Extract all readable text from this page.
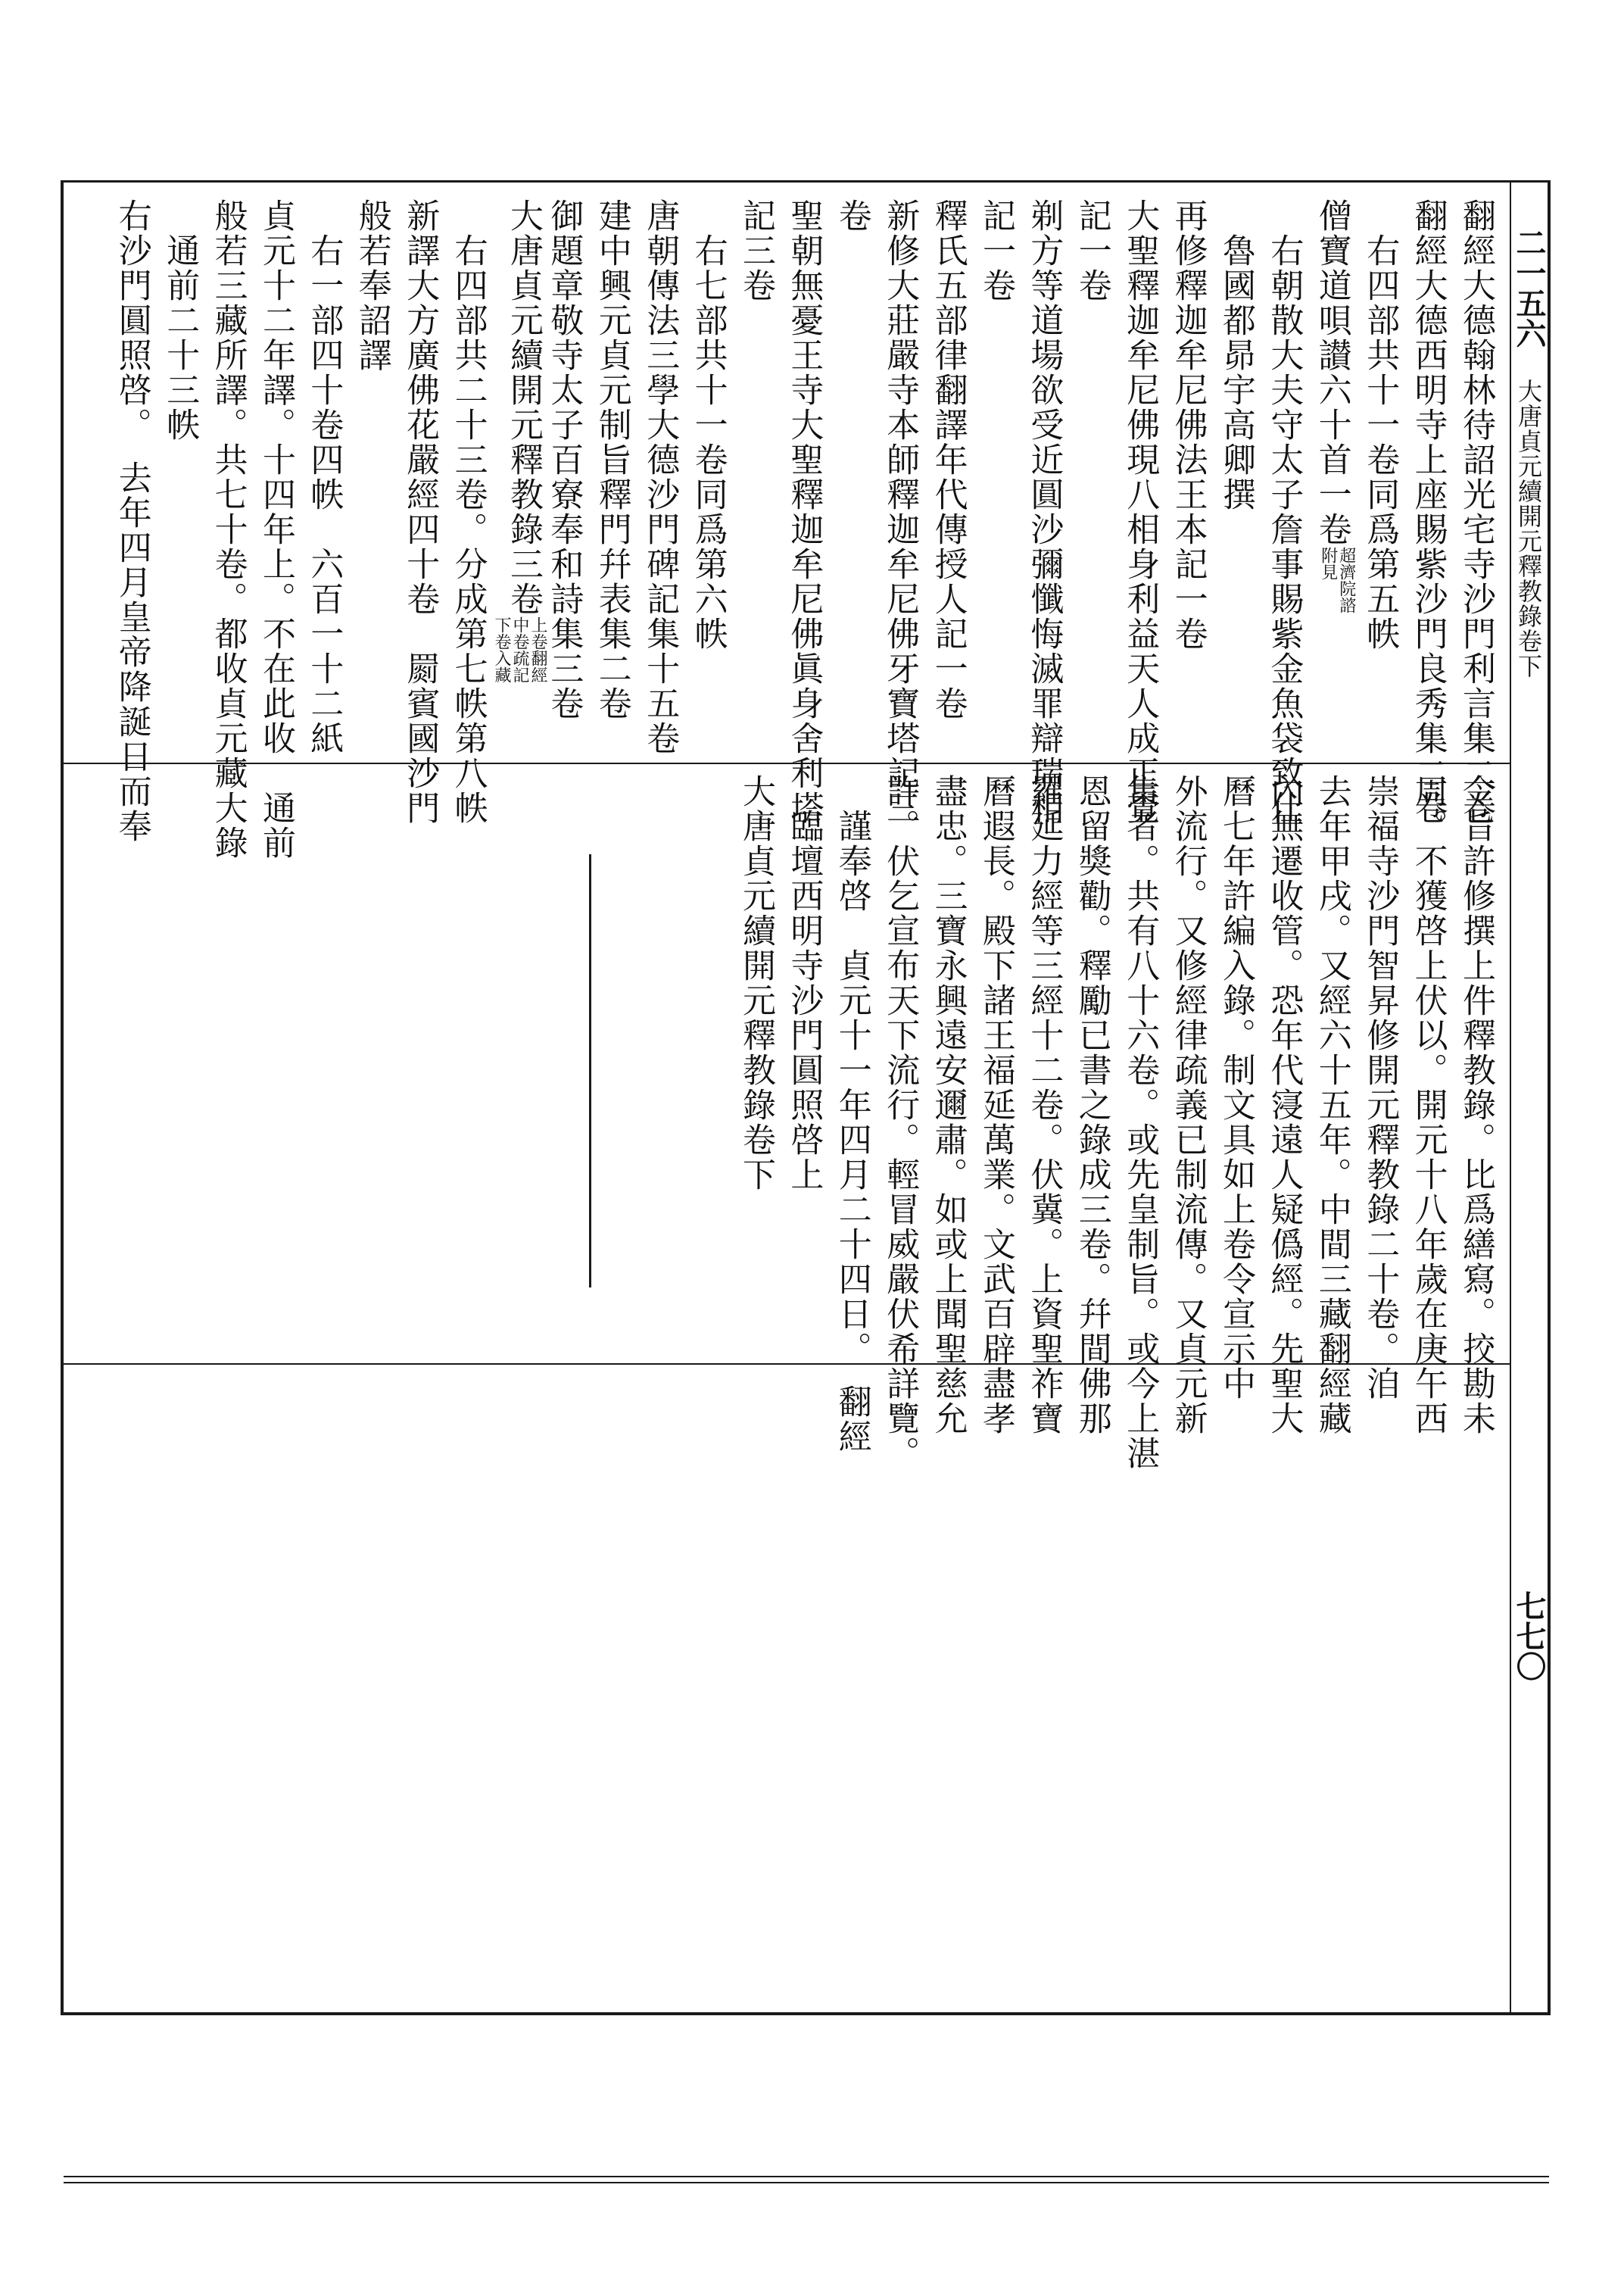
二一五六大唐貞元續開元釋教錄卷下
七七〇
翻經大德翰林待詔光宅寺沙門利言集二卷
翻經大德西明寺上座賜紫沙門良秀集二卷
　右四部共十一卷同爲第五帙
僧寶道唄讃六十首一卷超濟院諮附見
　右朝散大夫守太子詹事賜紫金魚袋致仕
　魯國都昴宇高卿撰
再修釋迦牟尼佛法王本記一卷
大聖釋迦牟尼佛現八相身利益天人成正覺
記一卷
剃方等道場欲受近圓沙彌懺悔滅罪辯瑞相
記一卷
釋氏五部律翻譯年代傳授人記一卷
新修大莊嚴寺本師釋迦牟尼佛牙寶塔記三
卷
聖朝無憂王寺大聖釋迦牟尼佛眞身舍利塔
記三卷
　右七部共十一卷同爲第六帙
唐朝傳法三學大德沙門碑記集十五卷
建中興元貞元制旨釋門幷表集二卷
御題章敬寺太子百寮奉和詩集三卷
大唐貞元續開元釋教錄三卷上卷翻經中卷疏記下卷入藏
　右四部共二十三卷。分成第七帙第八帙
新譯大方廣佛花嚴經四十卷　罽賓國沙門
般若奉詔譯
　右一部四十卷四帙　六百一十二紙
貞元十二年譯。十四年上。不在此收　通前
般若三藏所譯。共七十卷。都收貞元藏大錄
　通前二十三帙
右沙門圓照啓。　去年四月皇帝降誕日而奉
令旨許修撰上件釋教錄。比爲繕寫。挍勘未
周。不獲啓上伏以。開元十八年歲在庚午西
崇福寺沙門智昇修開元釋教錄二十卷。洎
去年甲戌。又經六十五年。中間三藏翻經藏
內無遷收管。恐年代寖遠人疑僞經。先聖大
曆七年許編入錄。制文具如上卷令宣示中
外流行。又修經律疏義已制流傳。又貞元新
集者。共有八十六卷。或先皇制旨。或今上湛
恩留獎勸。釋勵已書之錄成三卷。幷間佛那
羅延力經等三經十二卷。伏冀。上資聖祚寶
曆遐長。殿下諸王福延萬業。文武百辟盡孝
盡忠。三寶永興遠安邇肅。如或上聞聖慈允
許。伏乞宣布天下流行。輕冒威嚴伏希詳覽。
　謹奉啓　貞元十一年四月二十四日。　翻經
　臨壇西明寺沙門圓照啓上
大唐貞元續開元釋教錄卷下
